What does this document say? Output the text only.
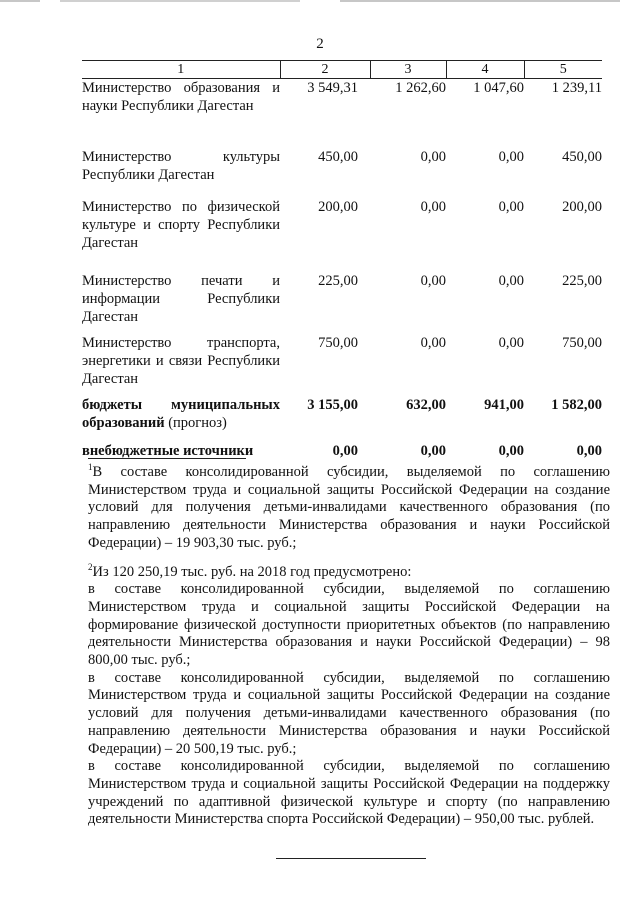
2
1	2	3	4	5
Министерство образования и науки Республики Дагестан	3 549,31	1 262,60	1 047,60	1 239,11
Министерство культуры Республики Дагестан	450,00	0,00	0,00	450,00
Министерство по физической культуре и спорту Республики Дагестан	200,00	0,00	0,00	200,00
Министерство печати и информации Республики Дагестан	225,00	0,00	0,00	225,00
Министерство транспорта, энергетики и связи Республики Дагестан	750,00	0,00	0,00	750,00
бюджеты муниципальных образований (прогноз)	3 155,00	632,00	941,00	1 582,00
внебюджетные источники	0,00	0,00	0,00	0,00

$^1$В составе консолидированной субсидии, выделяемой по соглашению Министерством труда и социальной защиты Российской Федерации на создание условий для получения детьми-инвалидами качественного образования (по направлению деятельности Министерства образования и науки Российской Федерации) – 19 903,30 тыс. руб.;

$^2$Из 120 250,19 тыс. руб. на 2018 год предусмотрено:

в составе консолидированной субсидии, выделяемой по соглашению Министерством труда и социальной защиты Российской Федерации на формирование физической доступности приоритетных объектов (по направлению деятельности Министерства образования и науки Российской Федерации) – 98 800,00 тыс. руб.;

в составе консолидированной субсидии, выделяемой по соглашению Министерством труда и социальной защиты Российской Федерации на создание условий для получения детьми-инвалидами качественного образования (по направлению деятельности Министерства образования и науки Российской Федерации) – 20 500,19 тыс. руб.;

в составе консолидированной субсидии, выделяемой по соглашению Министерством труда и социальной защиты Российской Федерации на поддержку учреждений по адаптивной физической культуре и спорту (по направлению деятельности Министерства спорта Российской Федерации) – 950,00 тыс. рублей.
